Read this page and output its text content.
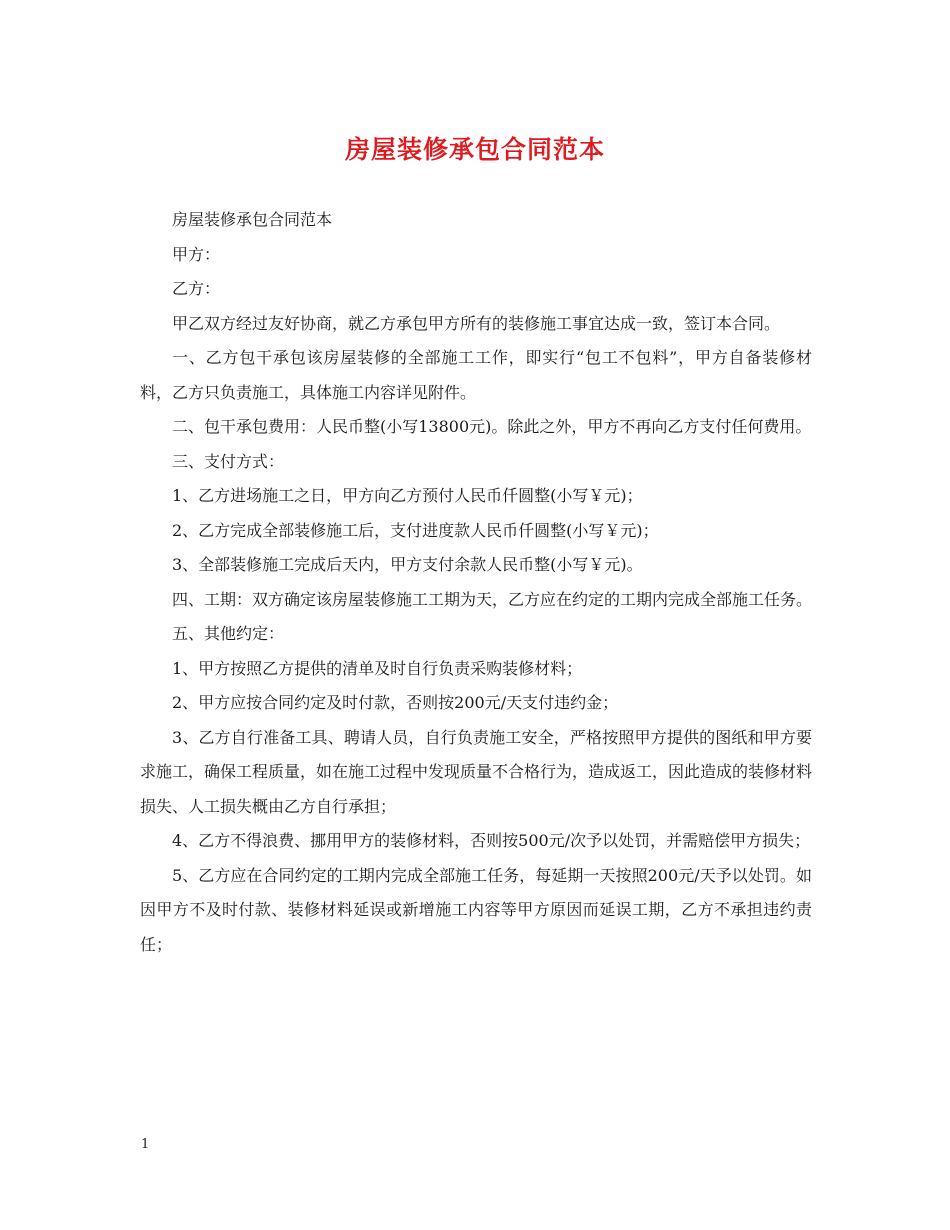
房屋装修承包合同范本

房屋装修承包合同范本

甲方：

乙方：

甲乙双方经过友好协商，就乙方承包甲方所有的装修施工事宜达成一致，签订本合同。

一、乙方包干承包该房屋装修的全部施工工作，即实行“包工不包料”，甲方自备装修材料，乙方只负责施工，具体施工内容详见附件。

二、包干承包费用：人民币整(小写13800元)。除此之外，甲方不再向乙方支付任何费用。

三、支付方式：

1、乙方进场施工之日，甲方向乙方预付人民币仟圆整(小写￥元)；

2、乙方完成全部装修施工后，支付进度款人民币仟圆整(小写￥元)；

3、全部装修施工完成后天内，甲方支付余款人民币整(小写￥元)。

四、工期：双方确定该房屋装修施工工期为天，乙方应在约定的工期内完成全部施工任务。

五、其他约定：

1、甲方按照乙方提供的清单及时自行负责采购装修材料；

2、甲方应按合同约定及时付款，否则按200元/天支付违约金；

3、乙方自行准备工具、聘请人员，自行负责施工安全，严格按照甲方提供的图纸和甲方要求施工，确保工程质量，如在施工过程中发现质量不合格行为，造成返工，因此造成的装修材料损失、人工损失概由乙方自行承担；

4、乙方不得浪费、挪用甲方的装修材料，否则按500元/次予以处罚，并需赔偿甲方损失；

5、乙方应在合同约定的工期内完成全部施工任务，每延期一天按照200元/天予以处罚。如因甲方不及时付款、装修材料延误或新增施工内容等甲方原因而延误工期，乙方不承担违约责任；

1
